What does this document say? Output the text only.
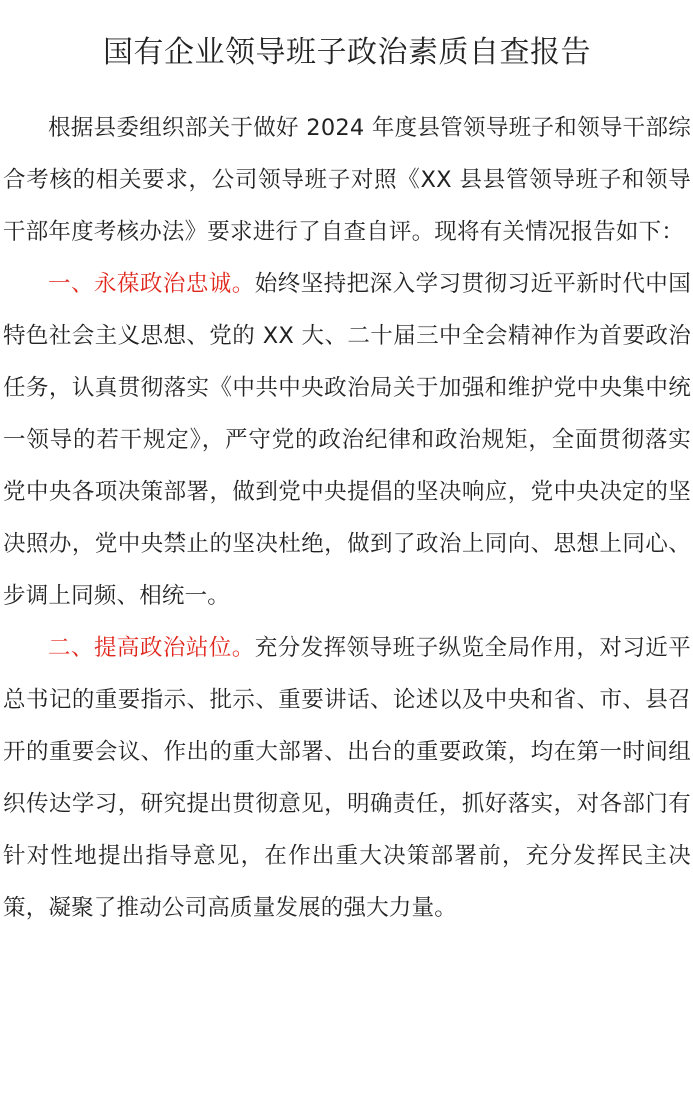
国有企业领导班子政治素质自查报告

根据县委组织部关于做好 2024 年度县管领导班子和领导干部综合考核的相关要求，公司领导班子对照《XX 县县管领导班子和领导干部年度考核办法》要求进行了自查自评。现将有关情况报告如下：

一、永葆政治忠诚。始终坚持把深入学习贯彻习近平新时代中国特色社会主义思想、党的 XX 大、二十届三中全会精神作为首要政治任务，认真贯彻落实《中共中央政治局关于加强和维护党中央集中统一领导的若干规定》，严守党的政治纪律和政治规矩，全面贯彻落实党中央各项决策部署，做到党中央提倡的坚决响应，党中央决定的坚决照办，党中央禁止的坚决杜绝，做到了政治上同向、思想上同心、步调上同频、相统一。

二、提高政治站位。充分发挥领导班子纵览全局作用，对习近平总书记的重要指示、批示、重要讲话、论述以及中央和省、市、县召开的重要会议、作出的重大部署、出台的重要政策，均在第一时间组织传达学习，研究提出贯彻意见，明确责任，抓好落实，对各部门有针对性地提出指导意见，在作出重大决策部署前，充分发挥民主决策，凝聚了推动公司高质量发展的强大力量。
